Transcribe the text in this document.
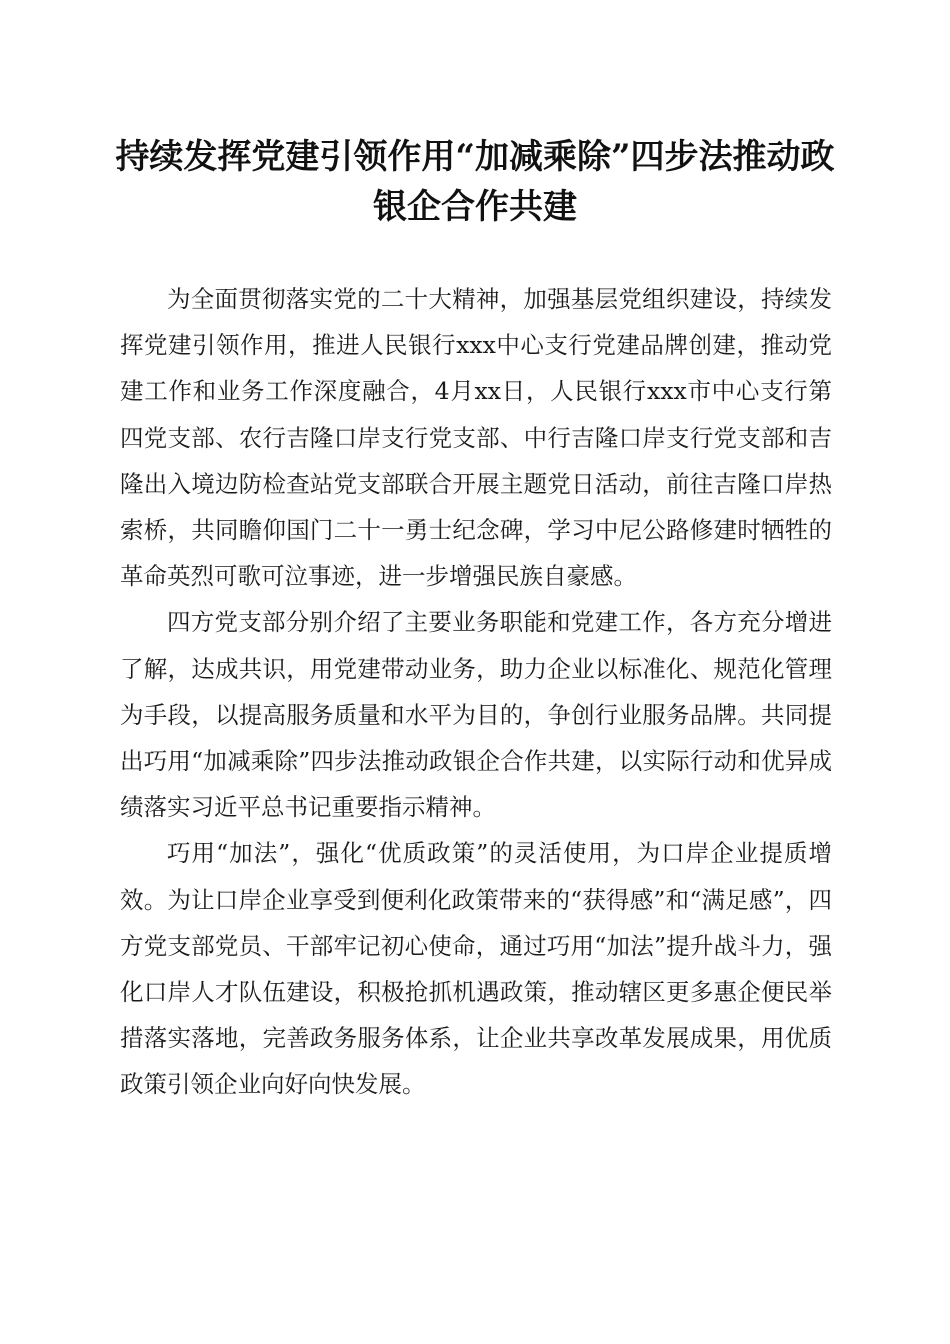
持续发挥党建引领作用“加减乘除”四步法推动政银企合作共建

为全面贯彻落实党的二十大精神，加强基层党组织建设，持续发挥党建引领作用，推进人民银行xxx中心支行党建品牌创建，推动党建工作和业务工作深度融合，4月xx日，人民银行xxx市中心支行第四党支部、农行吉隆口岸支行党支部、中行吉隆口岸支行党支部和吉隆出入境边防检查站党支部联合开展主题党日活动，前往吉隆口岸热索桥，共同瞻仰国门二十一勇士纪念碑，学习中尼公路修建时牺牲的革命英烈可歌可泣事迹，进一步增强民族自豪感。

四方党支部分别介绍了主要业务职能和党建工作，各方充分增进了解，达成共识，用党建带动业务，助力企业以标准化、规范化管理为手段，以提高服务质量和水平为目的，争创行业服务品牌。共同提出巧用“加减乘除”四步法推动政银企合作共建，以实际行动和优异成绩落实习近平总书记重要指示精神。

巧用“加法”，强化“优质政策”的灵活使用，为口岸企业提质增效。为让口岸企业享受到便利化政策带来的“获得感”和“满足感”，四方党支部党员、干部牢记初心使命，通过巧用“加法”提升战斗力，强化口岸人才队伍建设，积极抢抓机遇政策，推动辖区更多惠企便民举措落实落地，完善政务服务体系，让企业共享改革发展成果，用优质政策引领企业向好向快发展。
